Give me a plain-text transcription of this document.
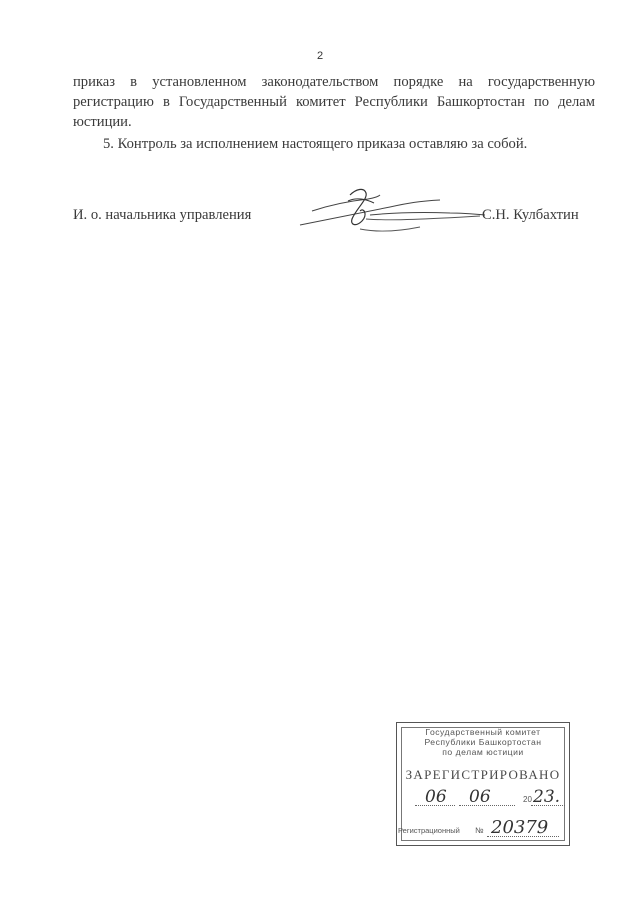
2
приказ в установленном законодательством порядке на государственную
регистрацию в Государственный комитет Республики Башкортостан по делам
юстиции.
5. Контроль за исполнением настоящего приказа оставляю за собой.
И. о. начальника управления	С.Н. Кулбахтин
Государственный комитет
Республики Башкортостан
по делам юстиции
ЗАРЕГИСТРИРОВАНО
06 06	20 23.
Регистрационный № 20379
